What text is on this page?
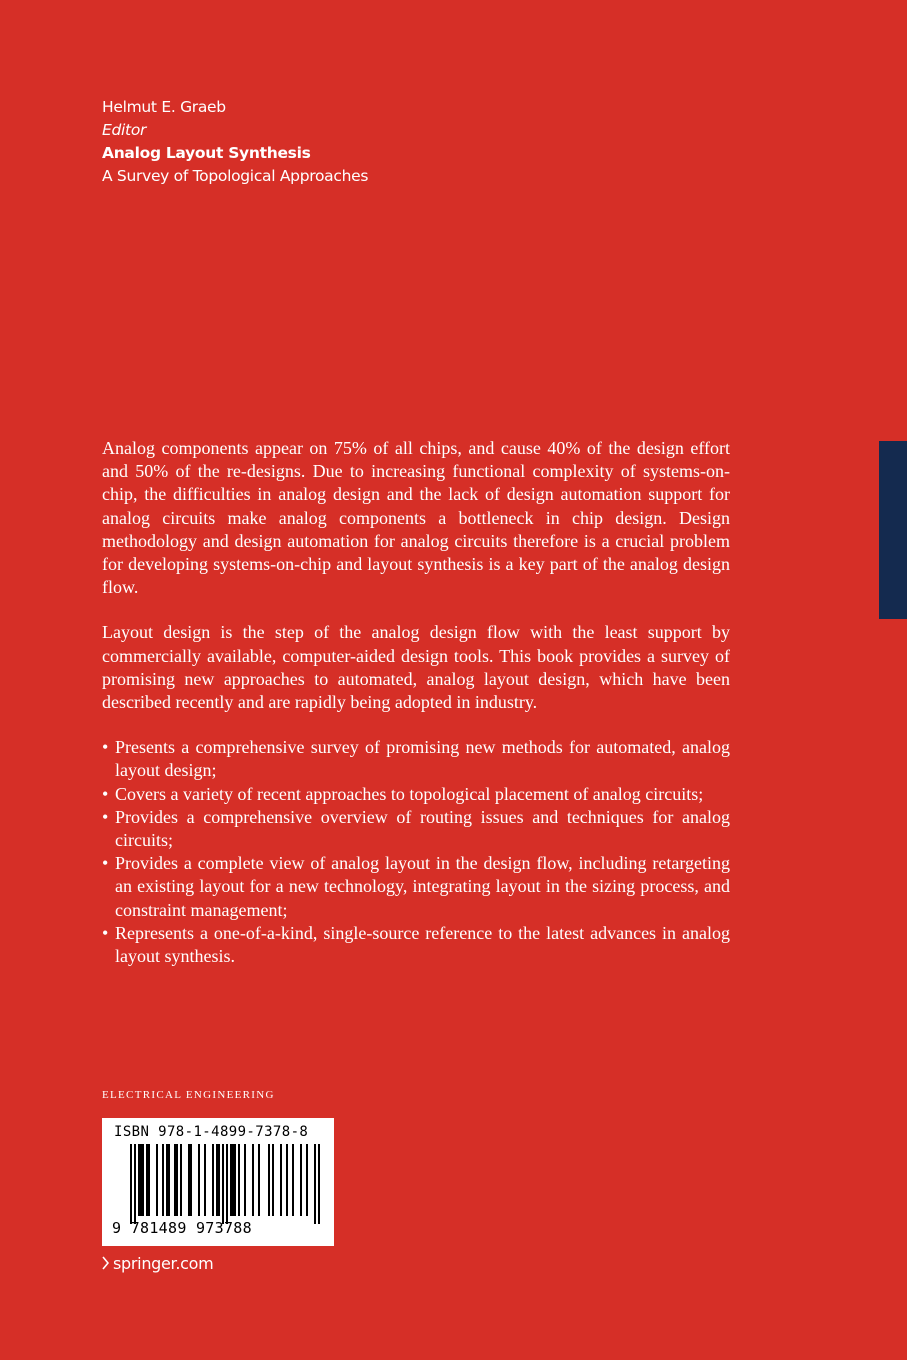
Helmut E. Graeb
Editor
Analog Layout Synthesis
A Survey of Topological Approaches

Analog components appear on 75% of all chips, and cause 40% of the design effort and 50% of the re-designs. Due to increasing functional complexity of systems-on-chip, the difficulties in analog design and the lack of design automation support for analog circuits make analog components a bottleneck in chip design. Design methodology and design automation for analog circuits therefore is a crucial problem for developing systems-on-chip and layout synthesis is a key part of the analog design flow.

Layout design is the step of the analog design flow with the least support by commercially available, computer-aided design tools. This book provides a survey of promising new approaches to automated, analog layout design, which have been described recently and are rapidly being adopted in industry.

• Presents a comprehensive survey of promising new methods for automated, analog layout design;
• Covers a variety of recent approaches to topological placement of analog circuits;
• Provides a comprehensive overview of routing issues and techniques for analog circuits;
• Provides a complete view of analog layout in the design flow, including retargeting an existing layout for a new technology, integrating layout in the sizing process, and constraint management;
• Represents a one-of-a-kind, single-source reference to the latest advances in analog layout synthesis.
ELECTRICAL ENGINEERING
ISBN 978-1-4899-7378-8
9 781489 973788
springer.com
